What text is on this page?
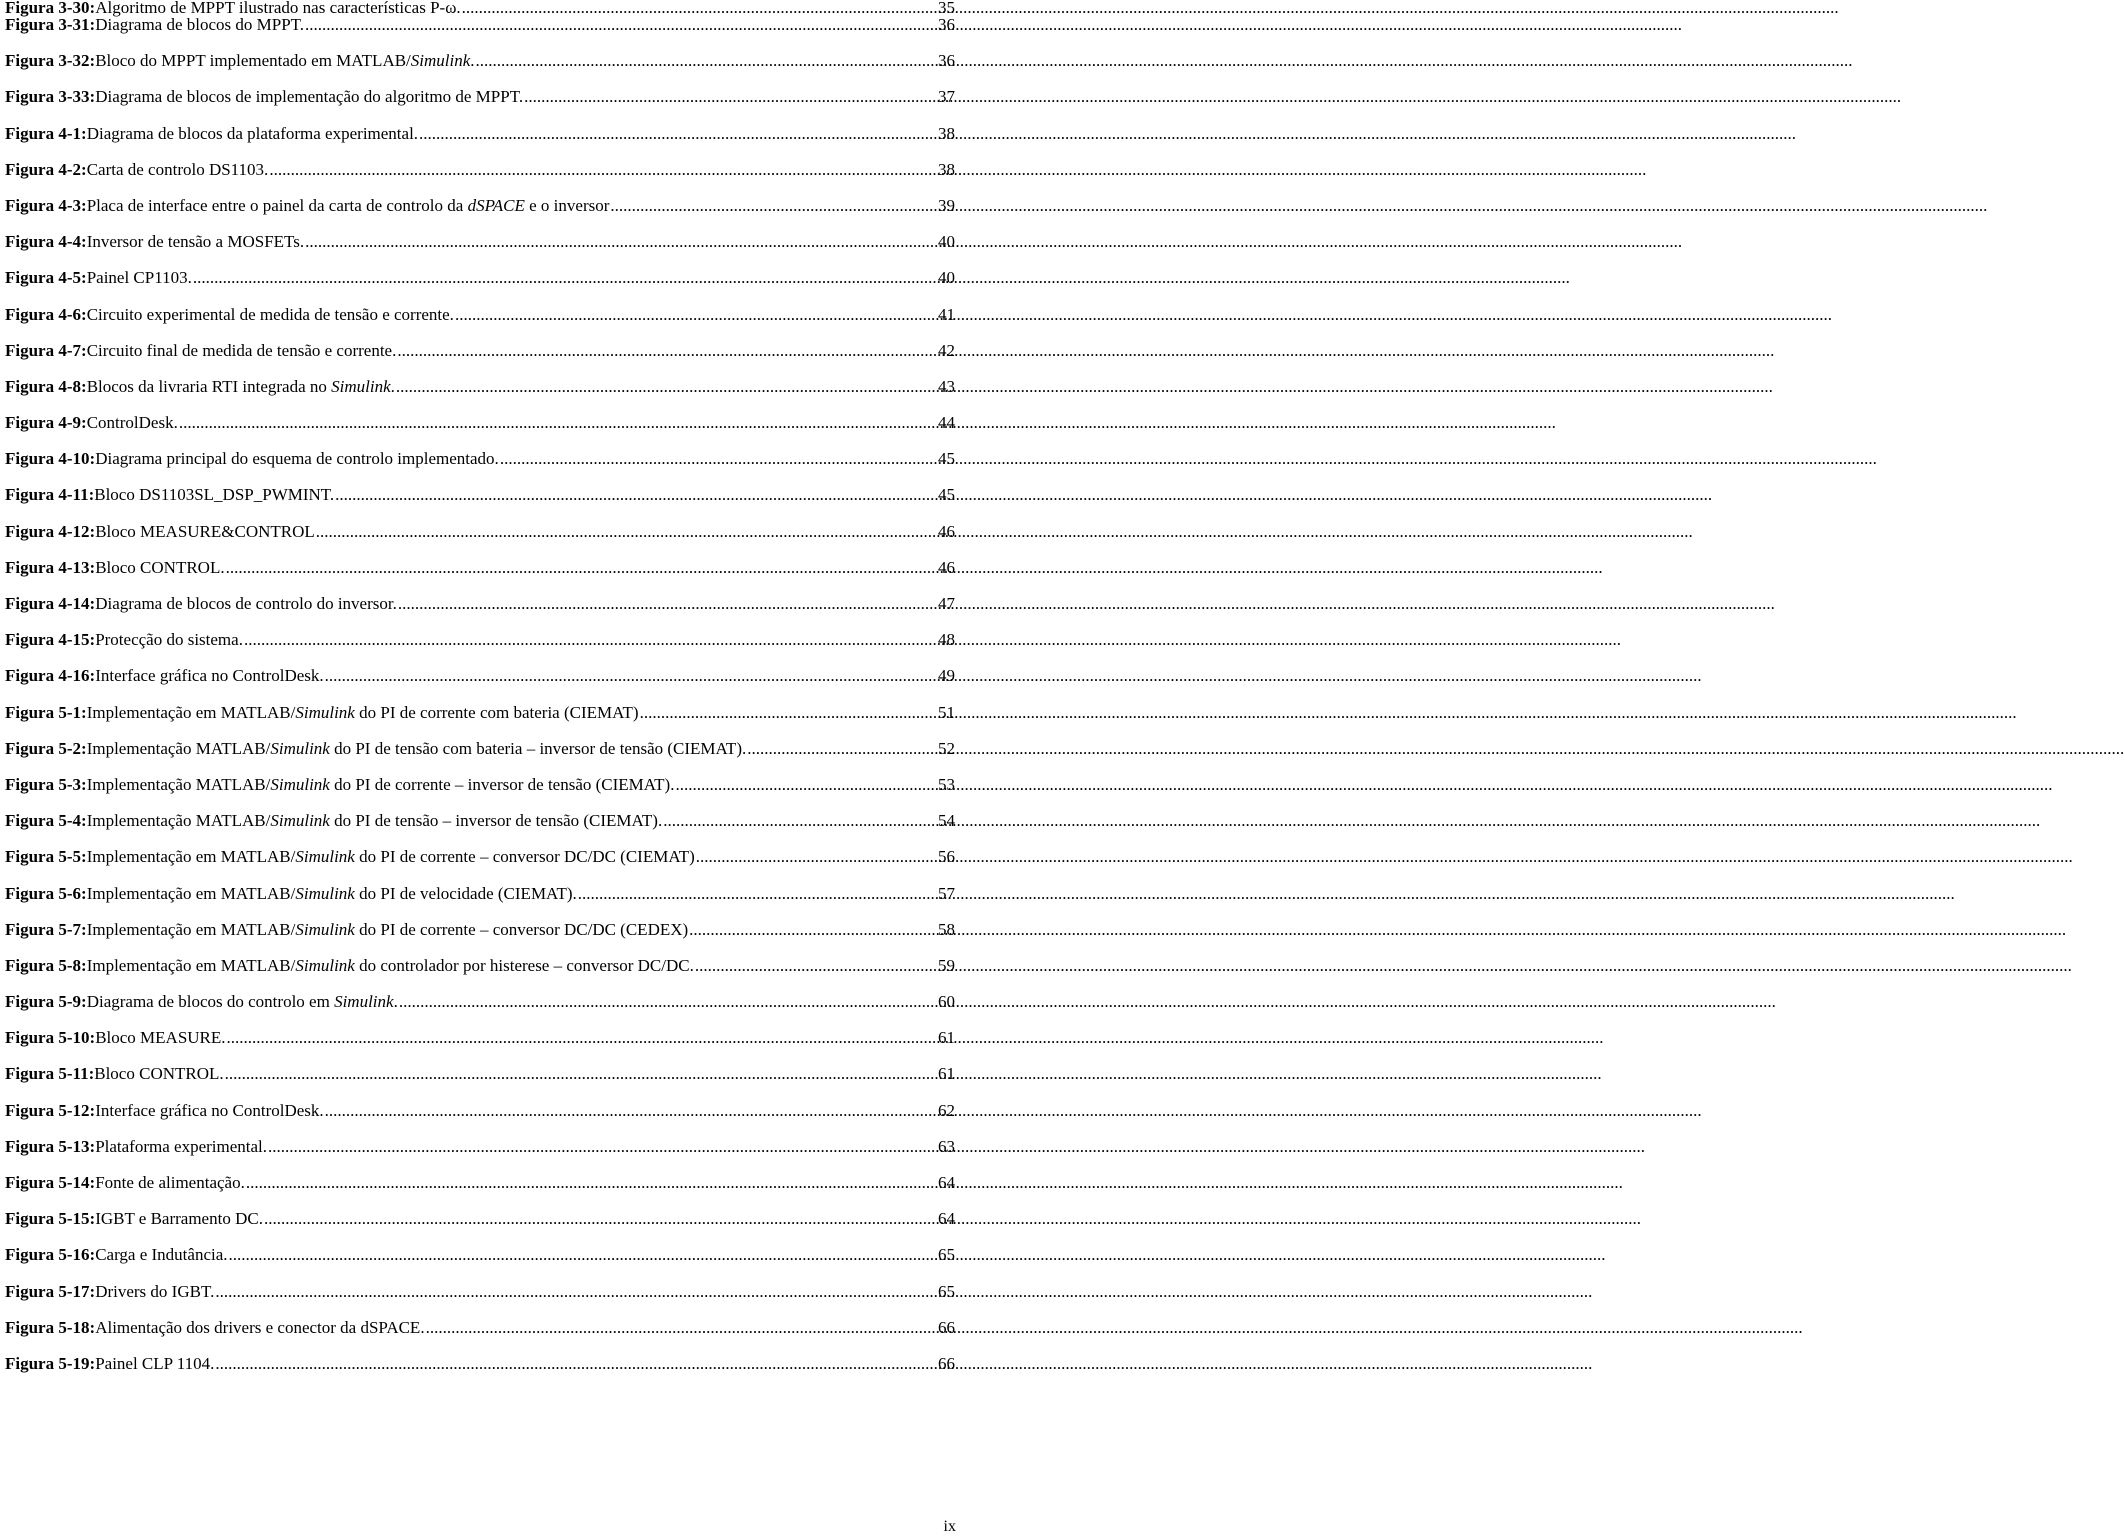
Figura 3-30: Algoritmo de MPPT ilustrado nas características P-ω. .....	35
Figura 3-31: Diagrama de blocos do MPPT. .....	36
Figura 3-32: Bloco do MPPT implementado em MATLAB/Simulink. .....	36
Figura 3-33: Diagrama de blocos de implementação do algoritmo de MPPT. .....	37
Figura 4-1: Diagrama de blocos da plataforma experimental. .....	38
Figura 4-2: Carta de controlo DS1103. .....	38
Figura 4-3: Placa de interface entre o painel da carta de controlo da dSPACE e o inversor .....	39
Figura 4-4: Inversor de tensão a MOSFETs. .....	40
Figura 4-5: Painel CP1103. .....	40
Figura 4-6: Circuito experimental de medida de tensão e corrente. .....	41
Figura 4-7: Circuito final de medida de tensão e corrente. .....	42
Figura 4-8: Blocos da livraria RTI integrada no Simulink. .....	43
Figura 4-9: ControlDesk. .....	44
Figura 4-10: Diagrama principal do esquema de controlo implementado. .....	45
Figura 4-11: Bloco DS1103SL_DSP_PWMINT. .....	45
Figura 4-12: Bloco MEASURE&CONTROL .....	46
Figura 4-13: Bloco CONTROL. .....	46
Figura 4-14: Diagrama de blocos de controlo do inversor. .....	47
Figura 4-15: Protecção do sistema. .....	48
Figura 4-16: Interface gráfica no ControlDesk. .....	49
Figura 5-1: Implementação em MATLAB/Simulink do PI de corrente com bateria (CIEMAT) .....	51
Figura 5-2: Implementação MATLAB/Simulink do PI de tensão com bateria – inversor de tensão (CIEMAT). .....	52
Figura 5-3: Implementação MATLAB/Simulink do PI de corrente – inversor de tensão (CIEMAT). .....	53
Figura 5-4: Implementação MATLAB/Simulink do PI de tensão – inversor de tensão (CIEMAT). .....	54
Figura 5-5: Implementação em MATLAB/Simulink do PI de corrente – conversor DC/DC (CIEMAT) .....	56
Figura 5-6: Implementação em MATLAB/Simulink do PI de velocidade (CIEMAT). .....	57
Figura 5-7: Implementação em MATLAB/Simulink do PI de corrente – conversor DC/DC (CEDEX) .....	58
Figura 5-8: Implementação em MATLAB/Simulink do controlador por histerese – conversor DC/DC. .....	59
Figura 5-9: Diagrama de blocos do controlo em Simulink. .....	60
Figura 5-10: Bloco MEASURE. .....	61
Figura 5-11: Bloco CONTROL. .....	61
Figura 5-12: Interface gráfica no ControlDesk. .....	62
Figura 5-13: Plataforma experimental. .....	63
Figura 5-14: Fonte de alimentação. .....	64
Figura 5-15: IGBT e Barramento DC. .....	64
Figura 5-16: Carga e Indutância. .....	65
Figura 5-17: Drivers do IGBT. .....	65
Figura 5-18: Alimentação dos drivers e conector da dSPACE. .....	66
Figura 5-19: Painel CLP 1104. .....	66
ix
